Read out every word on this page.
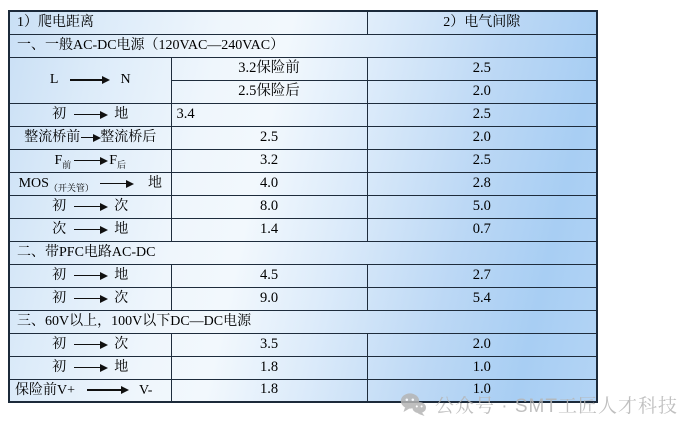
1）爬电距离		2）电气间隙
一、一般AC-DC电源（120VAC—240VAC）		
L N	3.2保险前	2.5
	2.5保险后	2.0
初 地	3.4	2.5
整流桥前 整流桥后	2.5	2.0
$F_前$ $F_后$	3.2	2.5
$MOS_{(开关管)}$ 地	4.0	2.8
初 次	8.0	5.0
次 地	1.4	0.7
二、带PFC电路AC-DC		
初 地	4.5	2.7
初 次	9.0	5.4
三、60V以上，100V以下DC—DC电源		
初 次	3.5	2.0
初 地	1.8	1.0

保险前V+ V-	1.8	1.0
公众号 · SMT工匠人才科技
